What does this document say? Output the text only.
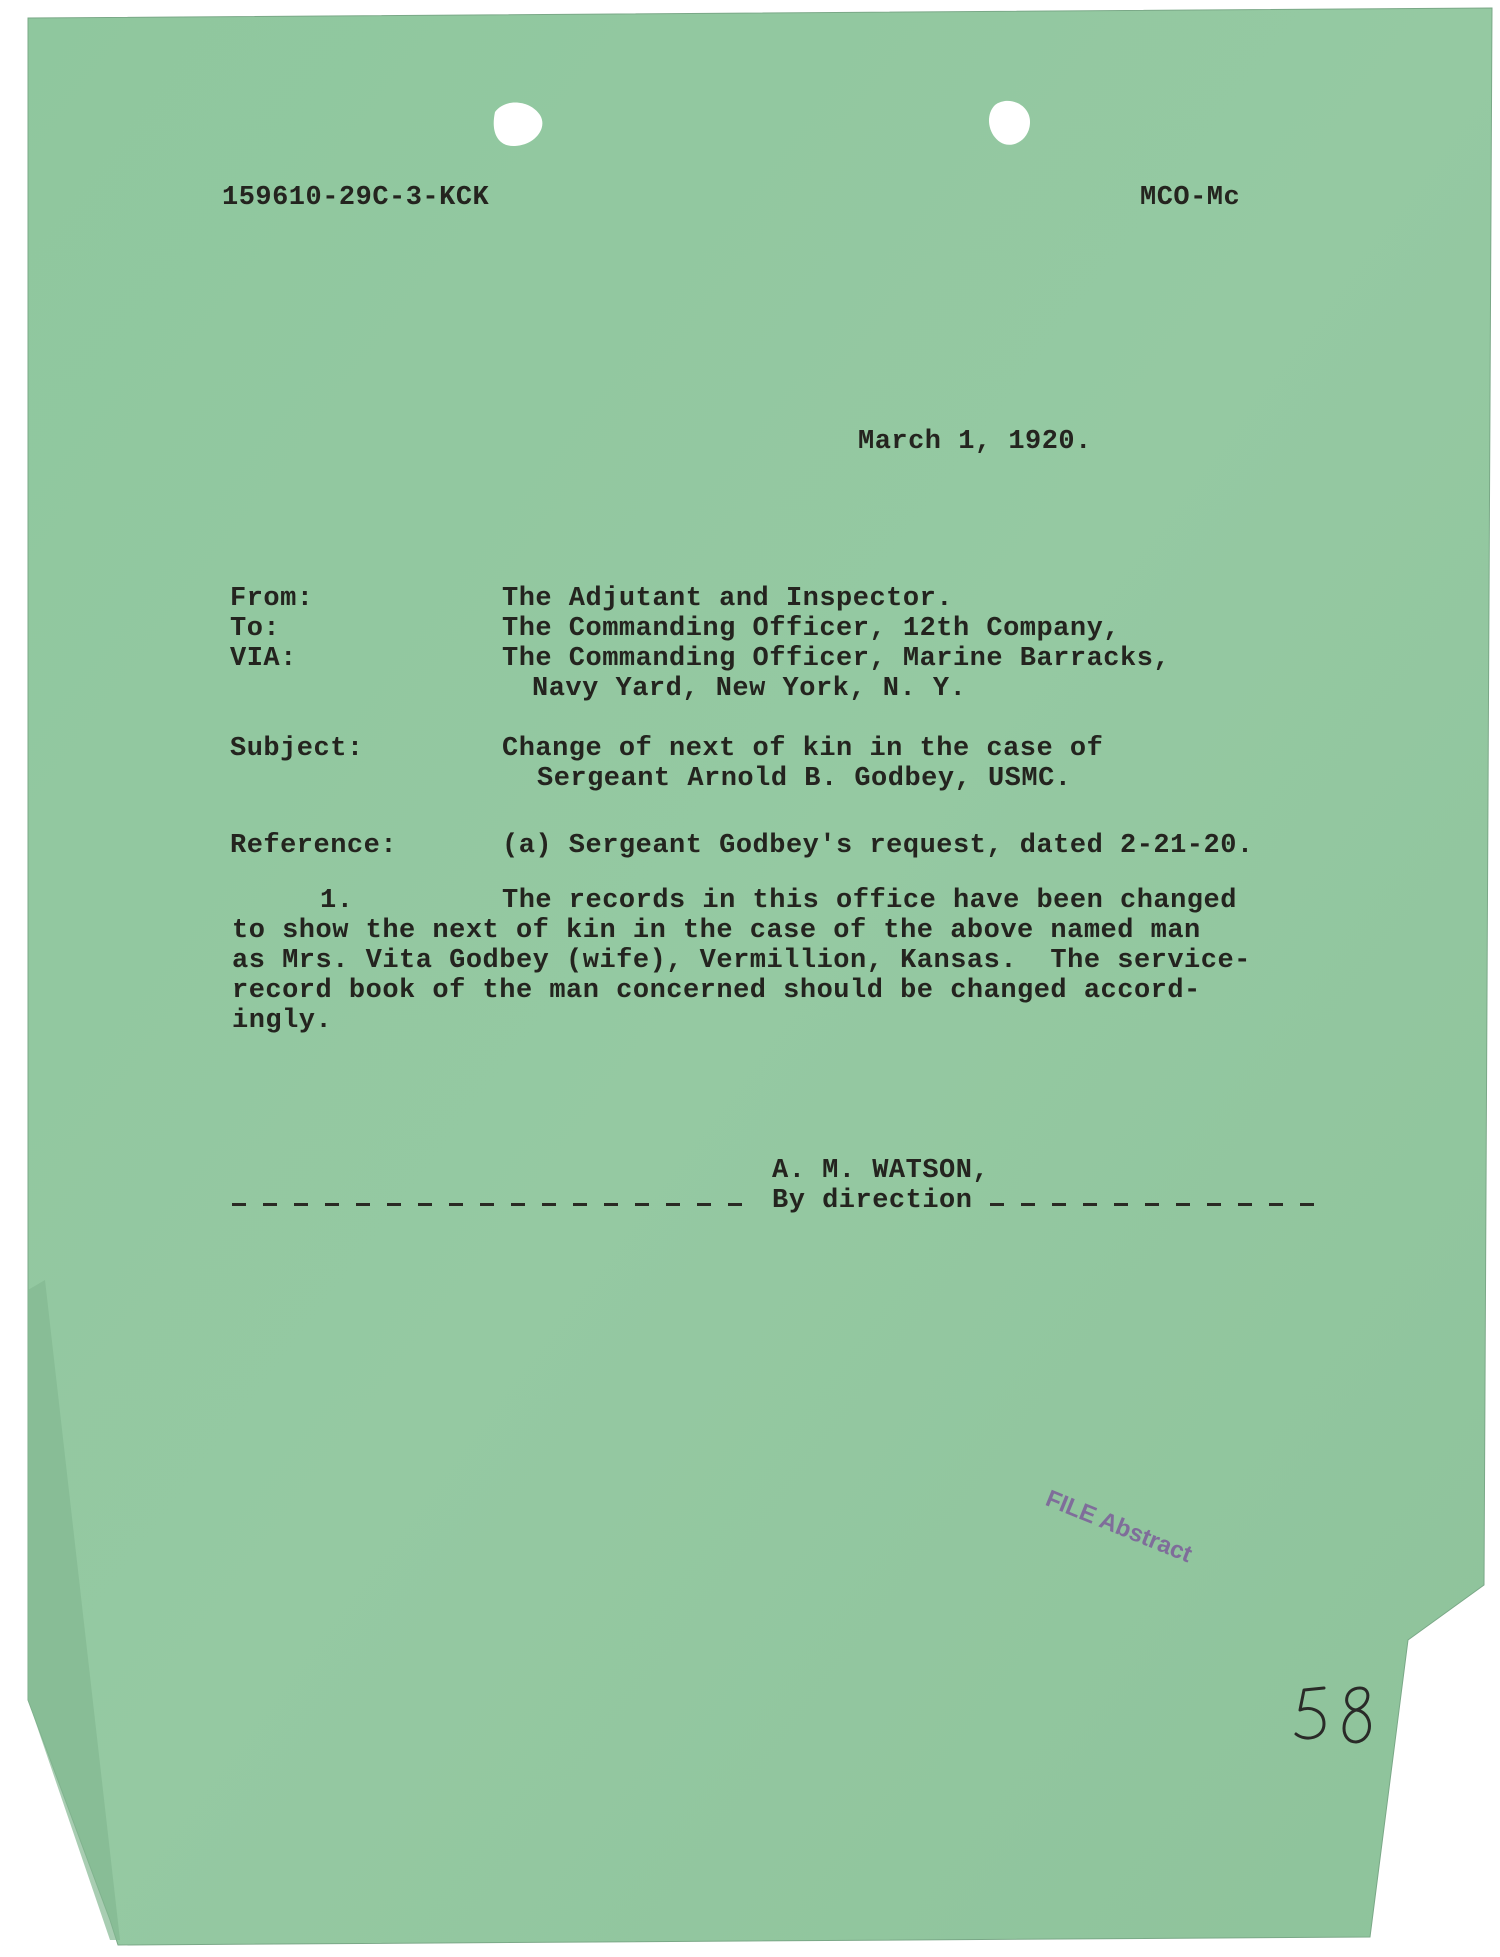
159610-29C-3-KCK	MCO-Mc
March 1, 1920.
From:	The Adjutant and Inspector.
To:	The Commanding Officer, 12th Company,
VIA:	The Commanding Officer, Marine Barracks,
Navy Yard, New York, N. Y.
Subject:	Change of next of kin in the case of
Sergeant Arnold B. Godbey, USMC.
Reference:	(a) Sergeant Godbey's request, dated 2-21-20.
1.	The records in this office have been changed
to show the next of kin in the case of the above named man
as Mrs. Vita Godbey (wife), Vermillion, Kansas.  The service-
record book of the man concerned should be changed accord-
ingly.
A. M. WATSON,
By direction
FILE Abstract
58
